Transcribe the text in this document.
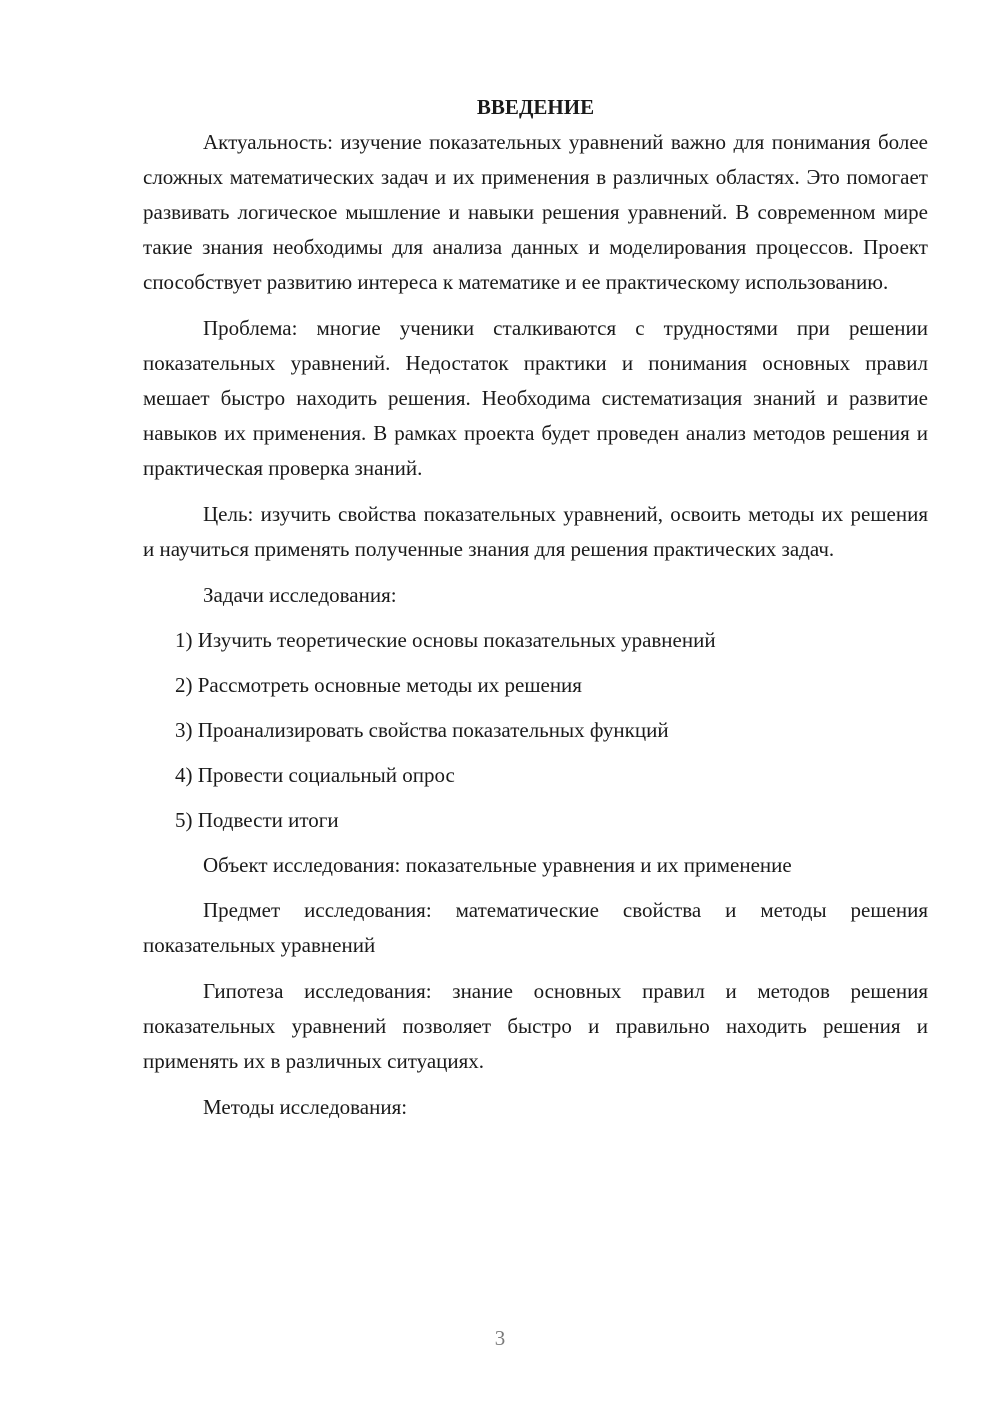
ВВЕДЕНИЕ

Актуальность: изучение показательных уравнений важно для понимания более сложных математических задач и их применения в различных областях. Это помогает развивать логическое мышление и навыки решения уравнений. В современном мире такие знания необходимы для анализа данных и моделирования процессов. Проект способствует развитию интереса к математике и ее практическому использованию.

Проблема: многие ученики сталкиваются с трудностями при решении показательных уравнений. Недостаток практики и понимания основных правил мешает быстро находить решения. Необходима систематизация знаний и развитие навыков их применения. В рамках проекта будет проведен анализ методов решения и практическая проверка знаний.

Цель: изучить свойства показательных уравнений, освоить методы их решения и научиться применять полученные знания для решения практических задач.

Задачи исследования:

1) Изучить теоретические основы показательных уравнений
2) Рассмотреть основные методы их решения
3) Проанализировать свойства показательных функций
4) Провести социальный опрос
5) Подвести итоги

Объект исследования: показательные уравнения и их применение

Предмет исследования: математические свойства и методы решения показательных уравнений

Гипотеза исследования: знание основных правил и методов решения показательных уравнений позволяет быстро и правильно находить решения и применять их в различных ситуациях.

Методы исследования:

3
